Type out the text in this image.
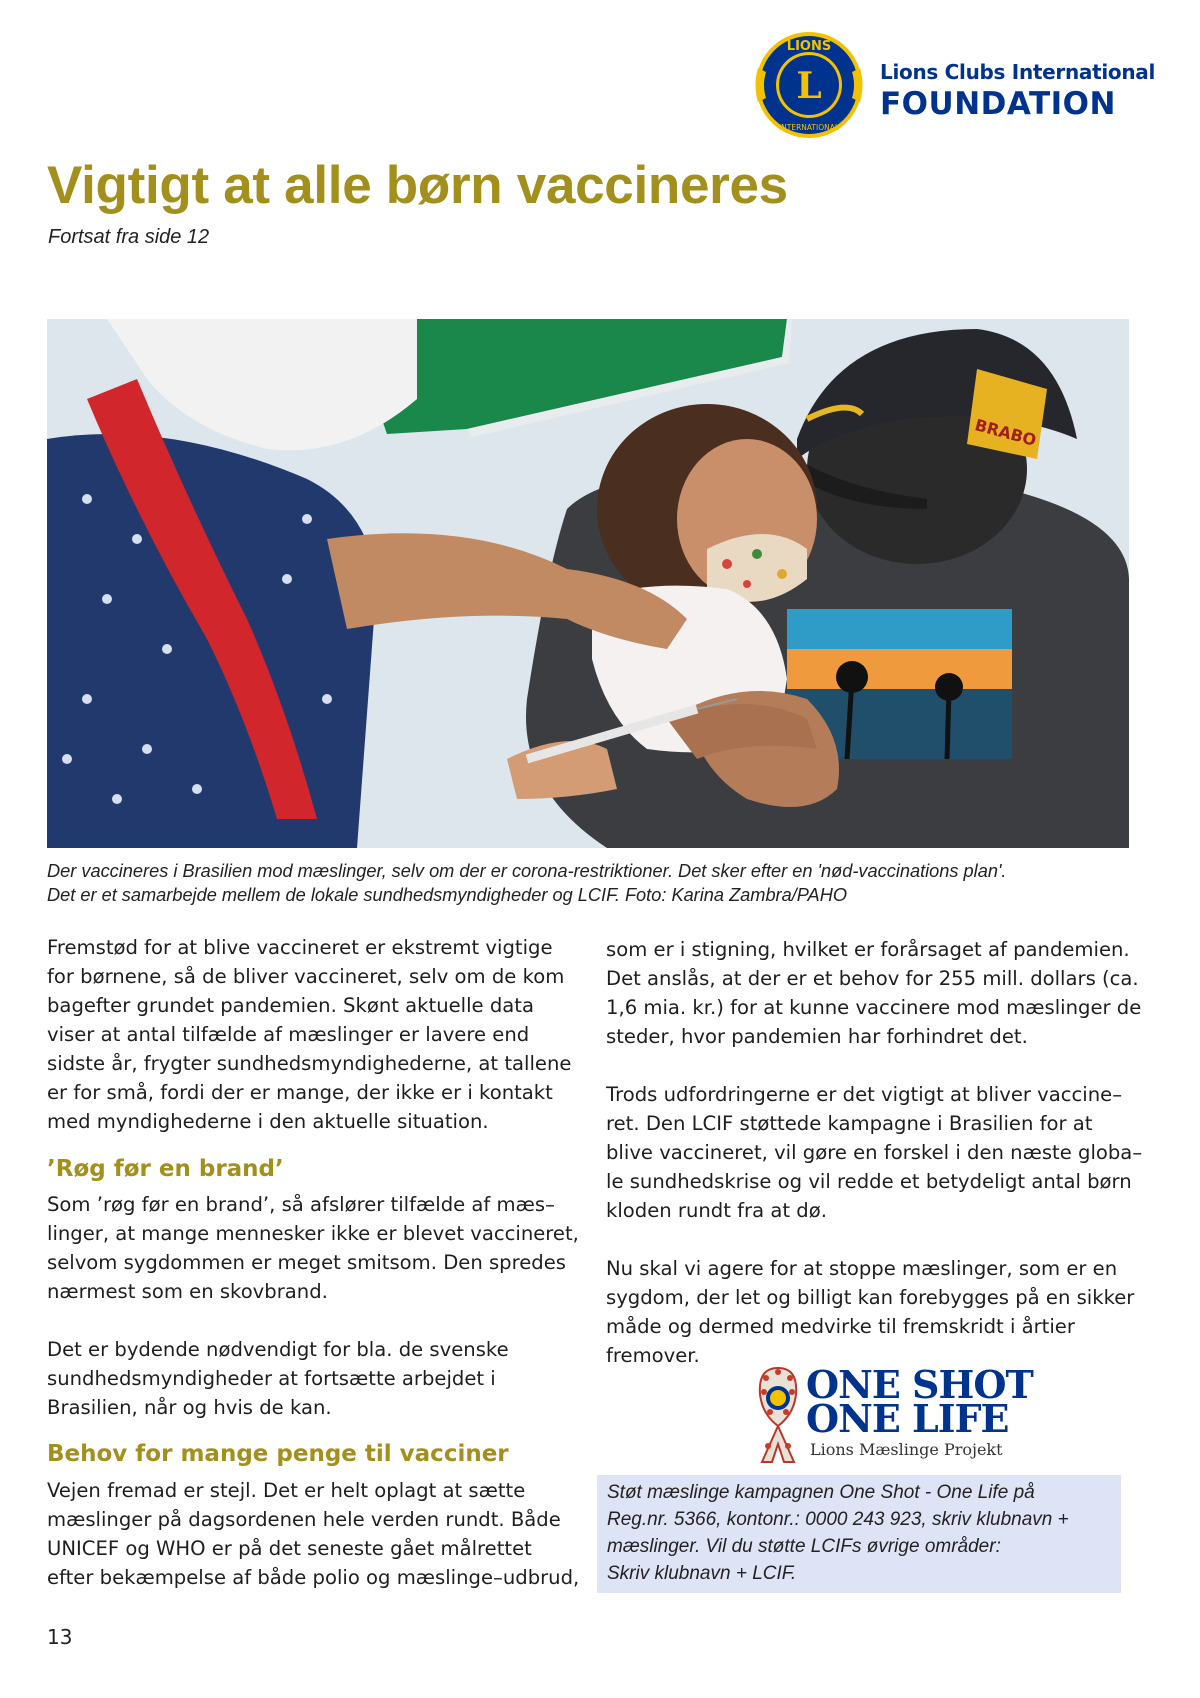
LIONS
L
INTERNATIONAL
Lions Clubs International
FOUNDATION
Vigtigt at alle børn vaccineres
Fortsat fra side 12
BRABO

Der vaccineres i Brasilien mod mæslinger, selv om der er corona-restriktioner. Det sker efter en 'nød-vaccinations plan'.

Det er et samarbejde mellem de lokale sundhedsmyndigheder og LCIF. Foto: Karina Zambra/PAHO

Fremstød for at blive vaccineret er ekstremt vigtige
for børnene, så de bliver vaccineret, selv om de kom
bagefter grundet pandemien. Skønt aktuelle data
viser at antal tilfælde af mæslinger er lavere end
sidste år, frygter sundhedsmyndighederne, at tallene
er for små, fordi der er mange, der ikke er i kontakt
med myndighederne i den aktuelle situation.

’Røg før en brand’

Som ’røg før en brand’, så afslører tilfælde af mæs–
linger, at mange mennesker ikke er blevet vaccineret,
selvom sygdommen er meget smitsom. Den spredes
nærmest som en skovbrand.

Det er bydende nødvendigt for bla. de svenske
sundhedsmyndigheder at fortsætte arbejdet i
Brasilien, når og hvis de kan.

Behov for mange penge til vacciner

Vejen fremad er stejl. Det er helt oplagt at sætte
mæslinger på dagsordenen hele verden rundt. Både
UNICEF og WHO er på det seneste gået målrettet
efter bekæmpelse af både polio og mæslinge–udbrud,

som er i stigning, hvilket er forårsaget af pandemien.
Det anslås, at der er et behov for 255 mill. dollars (ca.
1,6 mia. kr.) for at kunne vaccinere mod mæslinger de
steder, hvor pandemien har forhindret det.

Trods udfordringerne er det vigtigt at bliver vaccine–
ret. Den LCIF støttede kampagne i Brasilien for at
blive vaccineret, vil gøre en forskel i den næste globa–
le sundhedskrise og vil redde et betydeligt antal børn
kloden rundt fra at dø.

Nu skal vi agere for at stoppe mæslinger, som er en
sygdom, der let og billigt kan forebygges på en sikker
måde og dermed medvirke til fremskridt i årtier
fremover.

ONE SHOT
ONE LIFE
Lions Mæslinge Projekt

Støt mæslinge kampagnen One Shot - One Life på

Reg.nr. 5366, kontonr.: 0000 243 923, skriv klubnavn +

mæslinger. Vil du støtte LCIFs øvrige områder:

Skriv klubnavn + LCIF.

13
